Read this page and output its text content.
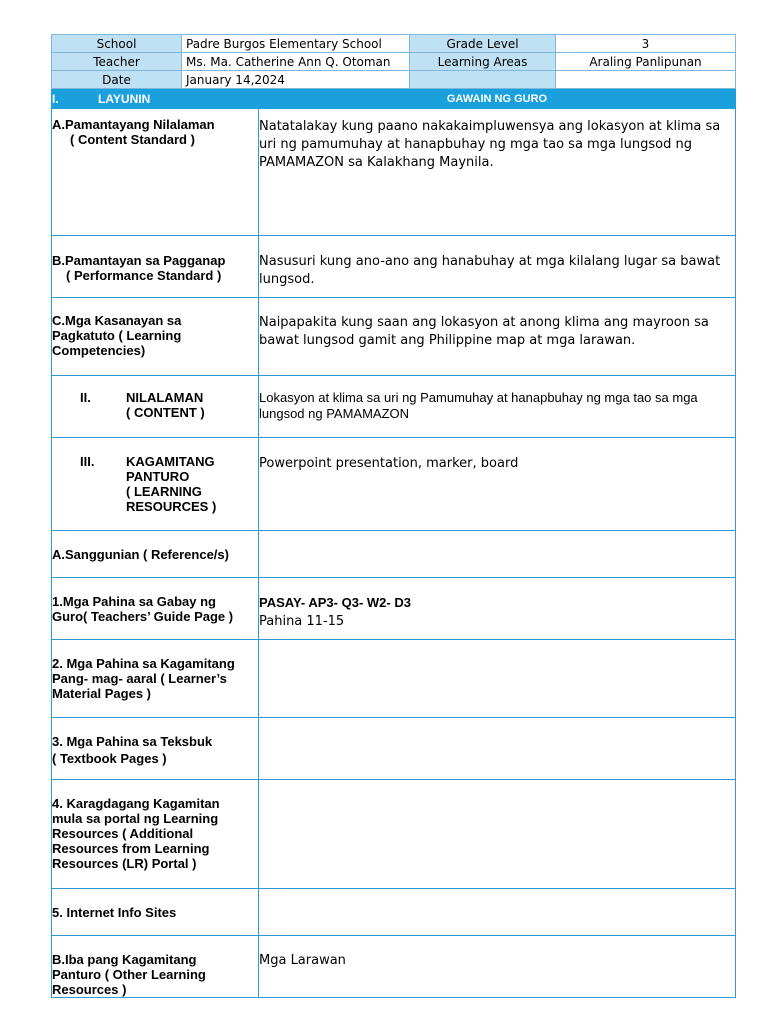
School	Padre Burgos Elementary School	Grade Level	3
Teacher	Ms. Ma. Catherine Ann Q. Otoman	Learning Areas	Araling Panlipunan
Date	January 14,2024		
I. LAYUNIN	GAWAIN NG GURO
A.Pamantayang Nilalaman
( Content Standard )	Natatalakay kung paano nakakaimpluwensya ang lokasyon at klima sa uri ng pamumuhay at hanapbuhay ng mga tao sa mga lungsod ng PAMAMAZON sa Kalakhang Maynila.
B.Pamantayan sa Pagganap
( Performance Standard )	Nasusuri kung ano-ano ang hanabuhay at mga kilalang lugar sa bawat lungsod.
C.Mga Kasanayan sa
Pagkatuto ( Learning
Competencies)	Naipapakita kung saan ang lokasyon at anong klima ang mayroon sa bawat lungsod gamit ang Philippine map at mga larawan.

II. NILALAMAN
( CONTENT )	Lokasyon at klima sa uri ng Pamumuhay at hanapbuhay ng mga tao sa mga lungsod ng PAMAMAZON

III. KAGAMITANG
PANTURO
( LEARNING
RESOURCES )	Powerpoint presentation, marker, board
A.Sanggunian ( Reference/s)	
1.Mga Pahina sa Gabay ng
Guro( Teachers’ Guide Page )	PASAY- AP3- Q3- W2- D3
Pahina 11-15
2. Mga Pahina sa Kagamitang
Pang- mag- aaral ( Learner’s
Material Pages )	
3. Mga Pahina sa Teksbuk
( Textbook Pages )	
4. Karagdagang Kagamitan
mula sa portal ng Learning
Resources ( Additional
Resources from Learning
Resources (LR) Portal )	
5. Internet Info Sites	
B.Iba pang Kagamitang
Panturo ( Other Learning
Resources )	Mga Larawan
